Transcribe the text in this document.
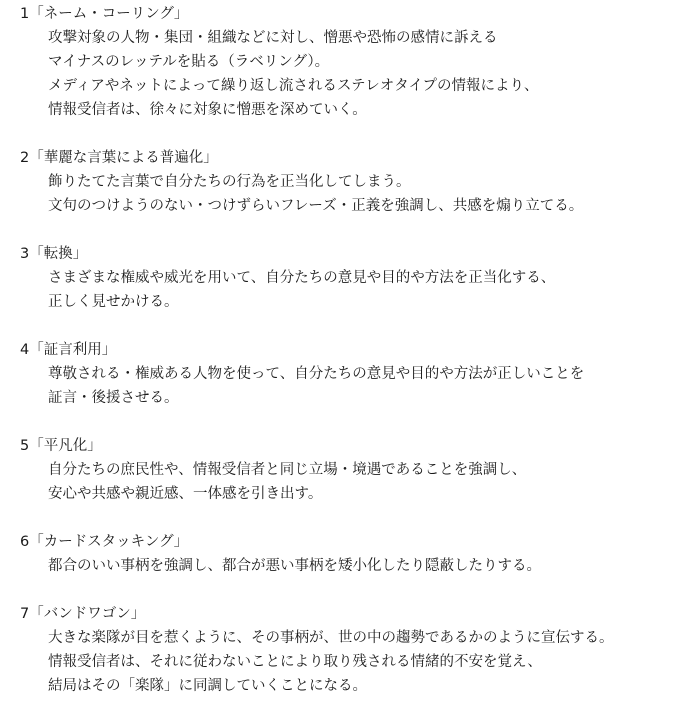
1「ネーム・コーリング」
攻撃対象の人物・集団・組織などに対し、憎悪や恐怖の感情に訴える
マイナスのレッテルを貼る（ラベリング）。
メディアやネットによって繰り返し流されるステレオタイプの情報により、
情報受信者は、徐々に対象に憎悪を深めていく。
2「華麗な言葉による普遍化」
飾りたてた言葉で自分たちの行為を正当化してしまう。
文句のつけようのない・つけずらいフレーズ・正義を強調し、共感を煽り立てる。
3「転換」
さまざまな権威や威光を用いて、自分たちの意見や目的や方法を正当化する、
正しく見せかける。
4「証言利用」
尊敬される・権威ある人物を使って、自分たちの意見や目的や方法が正しいことを
証言・後援させる。
5「平凡化」
自分たちの庶民性や、情報受信者と同じ立場・境遇であることを強調し、
安心や共感や親近感、一体感を引き出す。
6「カードスタッキング」
都合のいい事柄を強調し、都合が悪い事柄を矮小化したり隠蔽したりする。
7「バンドワゴン」
大きな楽隊が目を惹くように、その事柄が、世の中の趨勢であるかのように宣伝する。
情報受信者は、それに従わないことにより取り残される情緒的不安を覚え、
結局はその「楽隊」に同調していくことになる。
